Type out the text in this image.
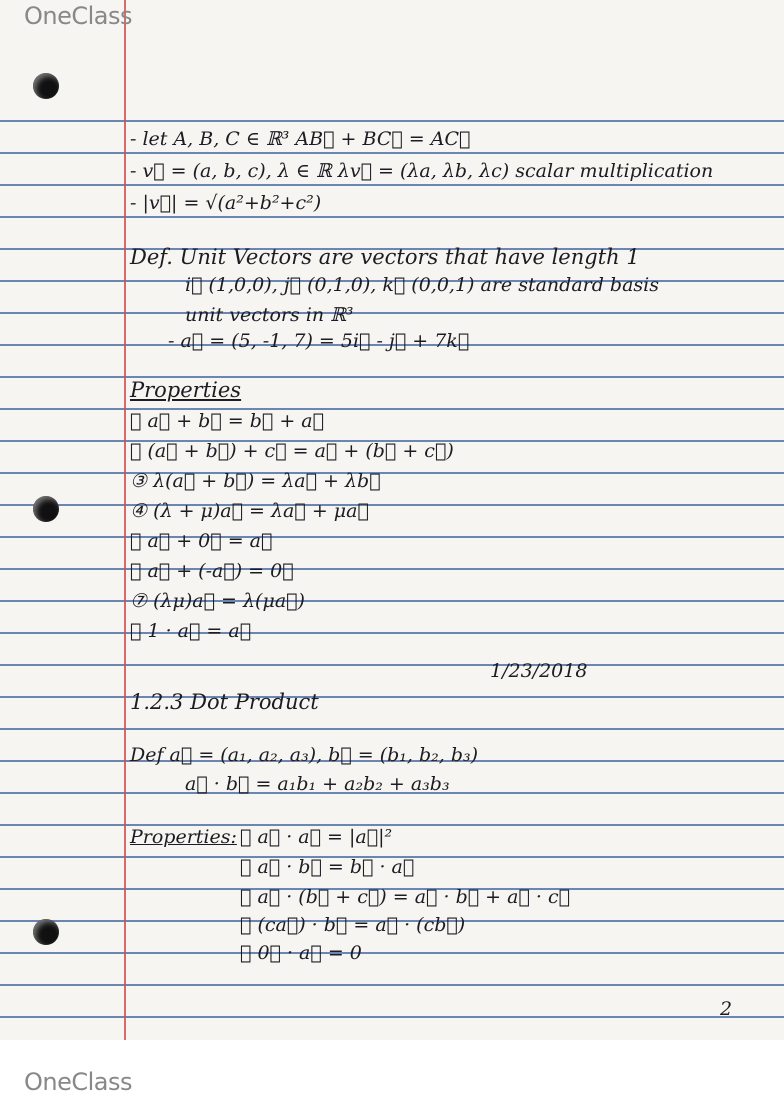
OneClass
- let A, B, C ∈ ℝ³ AB⃗ + BC⃗ = AC⃗
- v⃗ = (a, b, c), λ ∈ ℝ λv⃗ = (λa, λb, λc) scalar multiplication
- |v⃗| = √(a²+b²+c²)
Def. Unit Vectors are vectors that have length 1
i⃗ (1,0,0), j⃗ (0,1,0), k⃗ (0,0,1) are standard basis
unit vectors in ℝ³
- a⃗ = (5, -1, 7) = 5i⃗ - j⃗ + 7k⃗
Properties
① a⃗ + b⃗ = b⃗ + a⃗
② (a⃗ + b⃗) + c⃗ = a⃗ + (b⃗ + c⃗)
③ λ(a⃗ + b⃗) = λa⃗ + λb⃗
④ (λ + μ)a⃗ = λa⃗ + μa⃗
⑤ a⃗ + 0⃗ = a⃗
⑥ a⃗ + (-a⃗) = 0⃗
⑦ (λμ)a⃗ = λ(μa⃗)
⑧ 1 · a⃗ = a⃗
1/23/2018
1.2.3 Dot Product
Def a⃗ = (a₁, a₂, a₃), b⃗ = (b₁, b₂, b₃)
a⃗ · b⃗ = a₁b₁ + a₂b₂ + a₃b₃
Properties: ① a⃗ · a⃗ = |a⃗|²
② a⃗ · b⃗ = b⃗ · a⃗
③ a⃗ · (b⃗ + c⃗) = a⃗ · b⃗ + a⃗ · c⃗
④ (ca⃗) · b⃗ = a⃗ · (cb⃗)
⑤ 0⃗ · a⃗ = 0
2
OneClass
